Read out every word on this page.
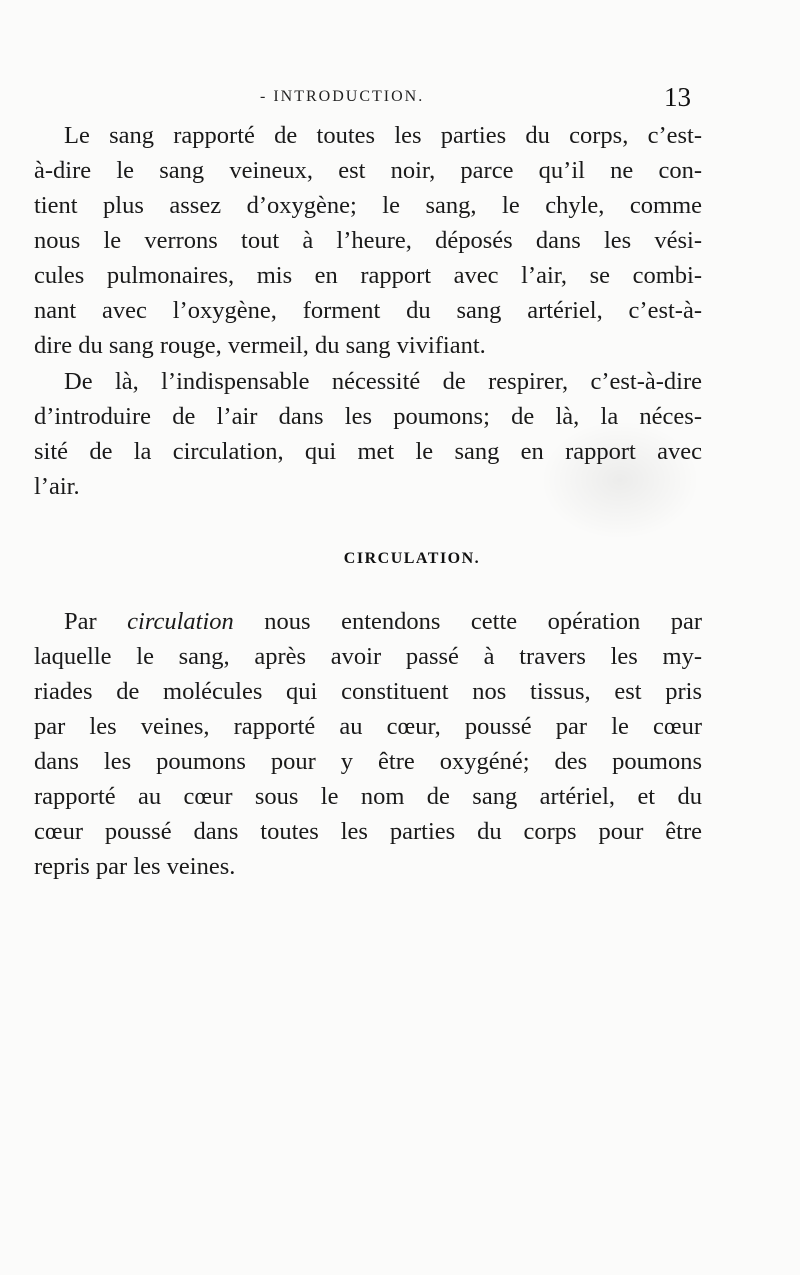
- INTRODUCTION.	13
Le sang rapporté de toutes les parties du corps, c’est-
à-dire le sang veineux, est noir, parce qu’il ne con-
tient plus assez d’oxygène; le sang, le chyle, comme
nous le verrons tout à l’heure, déposés dans les vési-
cules pulmonaires, mis en rapport avec l’air, se combi-
nant avec l’oxygène, forment du sang artériel, c’est-à-
dire du sang rouge, vermeil, du sang vivifiant.
De là, l’indispensable nécessité de respirer, c’est-à-dire
d’introduire de l’air dans les poumons; de là, la néces-
sité de la circulation, qui met le sang en rapport avec
l’air.
CIRCULATION.
Par circulation nous entendons cette opération par
laquelle le sang, après avoir passé à travers les my-
riades de molécules qui constituent nos tissus, est pris
par les veines, rapporté au cœur, poussé par le cœur
dans les poumons pour y être oxygéné; des poumons
rapporté au cœur sous le nom de sang artériel, et du
cœur poussé dans toutes les parties du corps pour être
repris par les veines.
